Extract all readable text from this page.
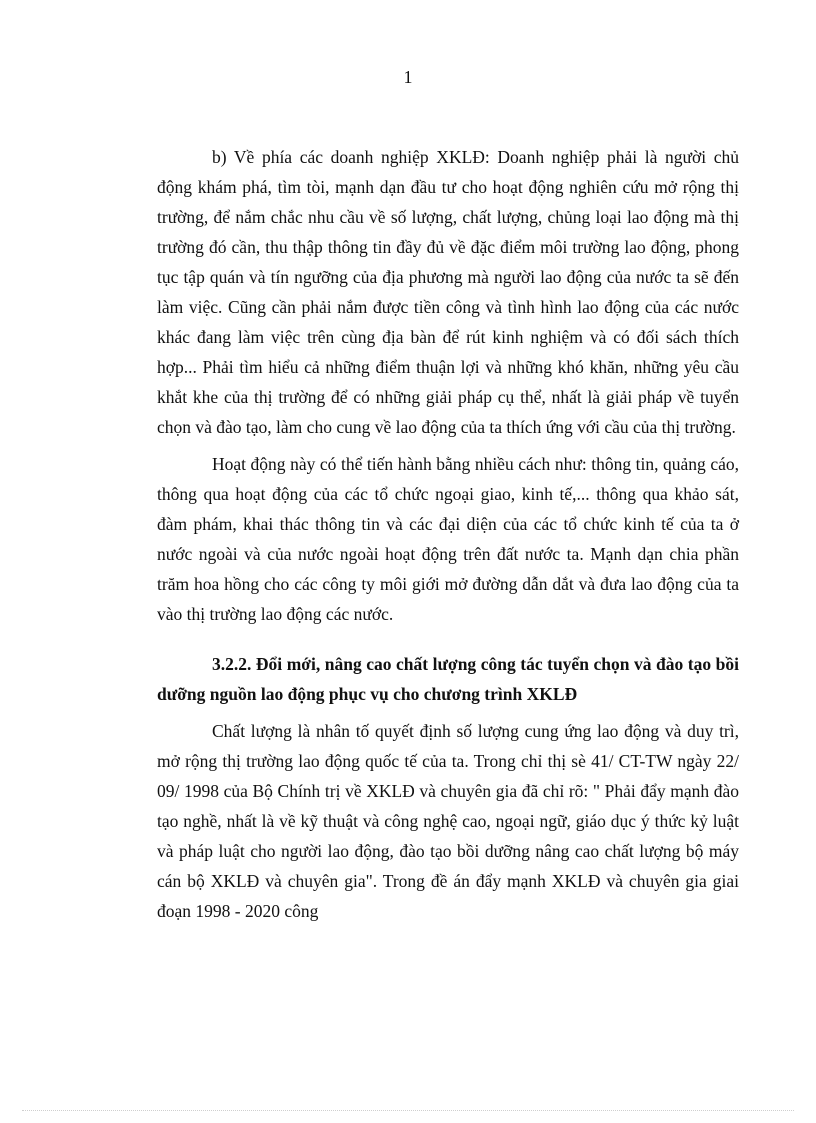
1

b) Về phía các doanh nghiệp XKLĐ: Doanh nghiệp phải là người chủ động khám phá, tìm tòi, mạnh dạn đầu tư cho hoạt động nghiên cứu mở rộng thị trường, để nắm chắc nhu cầu về số lượng, chất lượng, chủng loại lao động mà thị trường đó cần, thu thập thông tin đầy đủ về đặc điểm môi trường lao động, phong tục tập quán và tín ngưỡng của địa phương mà người lao động của nước ta sẽ đến làm việc. Cũng cần phải nắm được tiền công và tình hình lao động của các nước khác đang làm việc trên cùng địa bàn để rút kinh nghiệm và có đối sách thích hợp... Phải tìm hiểu cả những điểm thuận lợi và những khó khăn, những yêu cầu khắt khe của thị trường để có những giải pháp cụ thể, nhất là giải pháp về tuyển chọn và đào tạo, làm cho cung về lao động của ta thích ứng với cầu của thị trường.

Hoạt động này có thể tiến hành bằng nhiều cách như: thông tin, quảng cáo, thông qua hoạt động của các tổ chức ngoại giao, kinh tế,... thông qua khảo sát, đàm phám, khai thác thông tin và các đại diện của các tổ chức kinh tế của ta ở nước ngoài và của nước ngoài hoạt động trên đất nước ta. Mạnh dạn chia phần trăm hoa hồng cho các công ty môi giới mở đường dẫn dắt và đưa lao động của ta vào thị trường lao động các nước.

3.2.2. Đổi mới, nâng cao chất lượng công tác tuyển chọn và đào tạo bồi dưỡng nguồn lao động phục vụ cho chương trình XKLĐ

Chất lượng là nhân tố quyết định số lượng cung ứng lao động và duy trì, mở rộng thị trường lao động quốc tế của ta. Trong chỉ thị sè 41/ CT-TW ngày 22/ 09/ 1998 của Bộ Chính trị về XKLĐ và chuyên gia đã chỉ rõ: " Phải đẩy mạnh đào tạo nghề, nhất là về kỹ thuật và công nghệ cao, ngoại ngữ, giáo dục ý thức kỷ luật và pháp luật cho người lao động, đào tạo bồi dưỡng nâng cao chất lượng bộ máy cán bộ XKLĐ và chuyên gia". Trong đề án đẩy mạnh XKLĐ và chuyên gia giai đoạn 1998 - 2020 công
